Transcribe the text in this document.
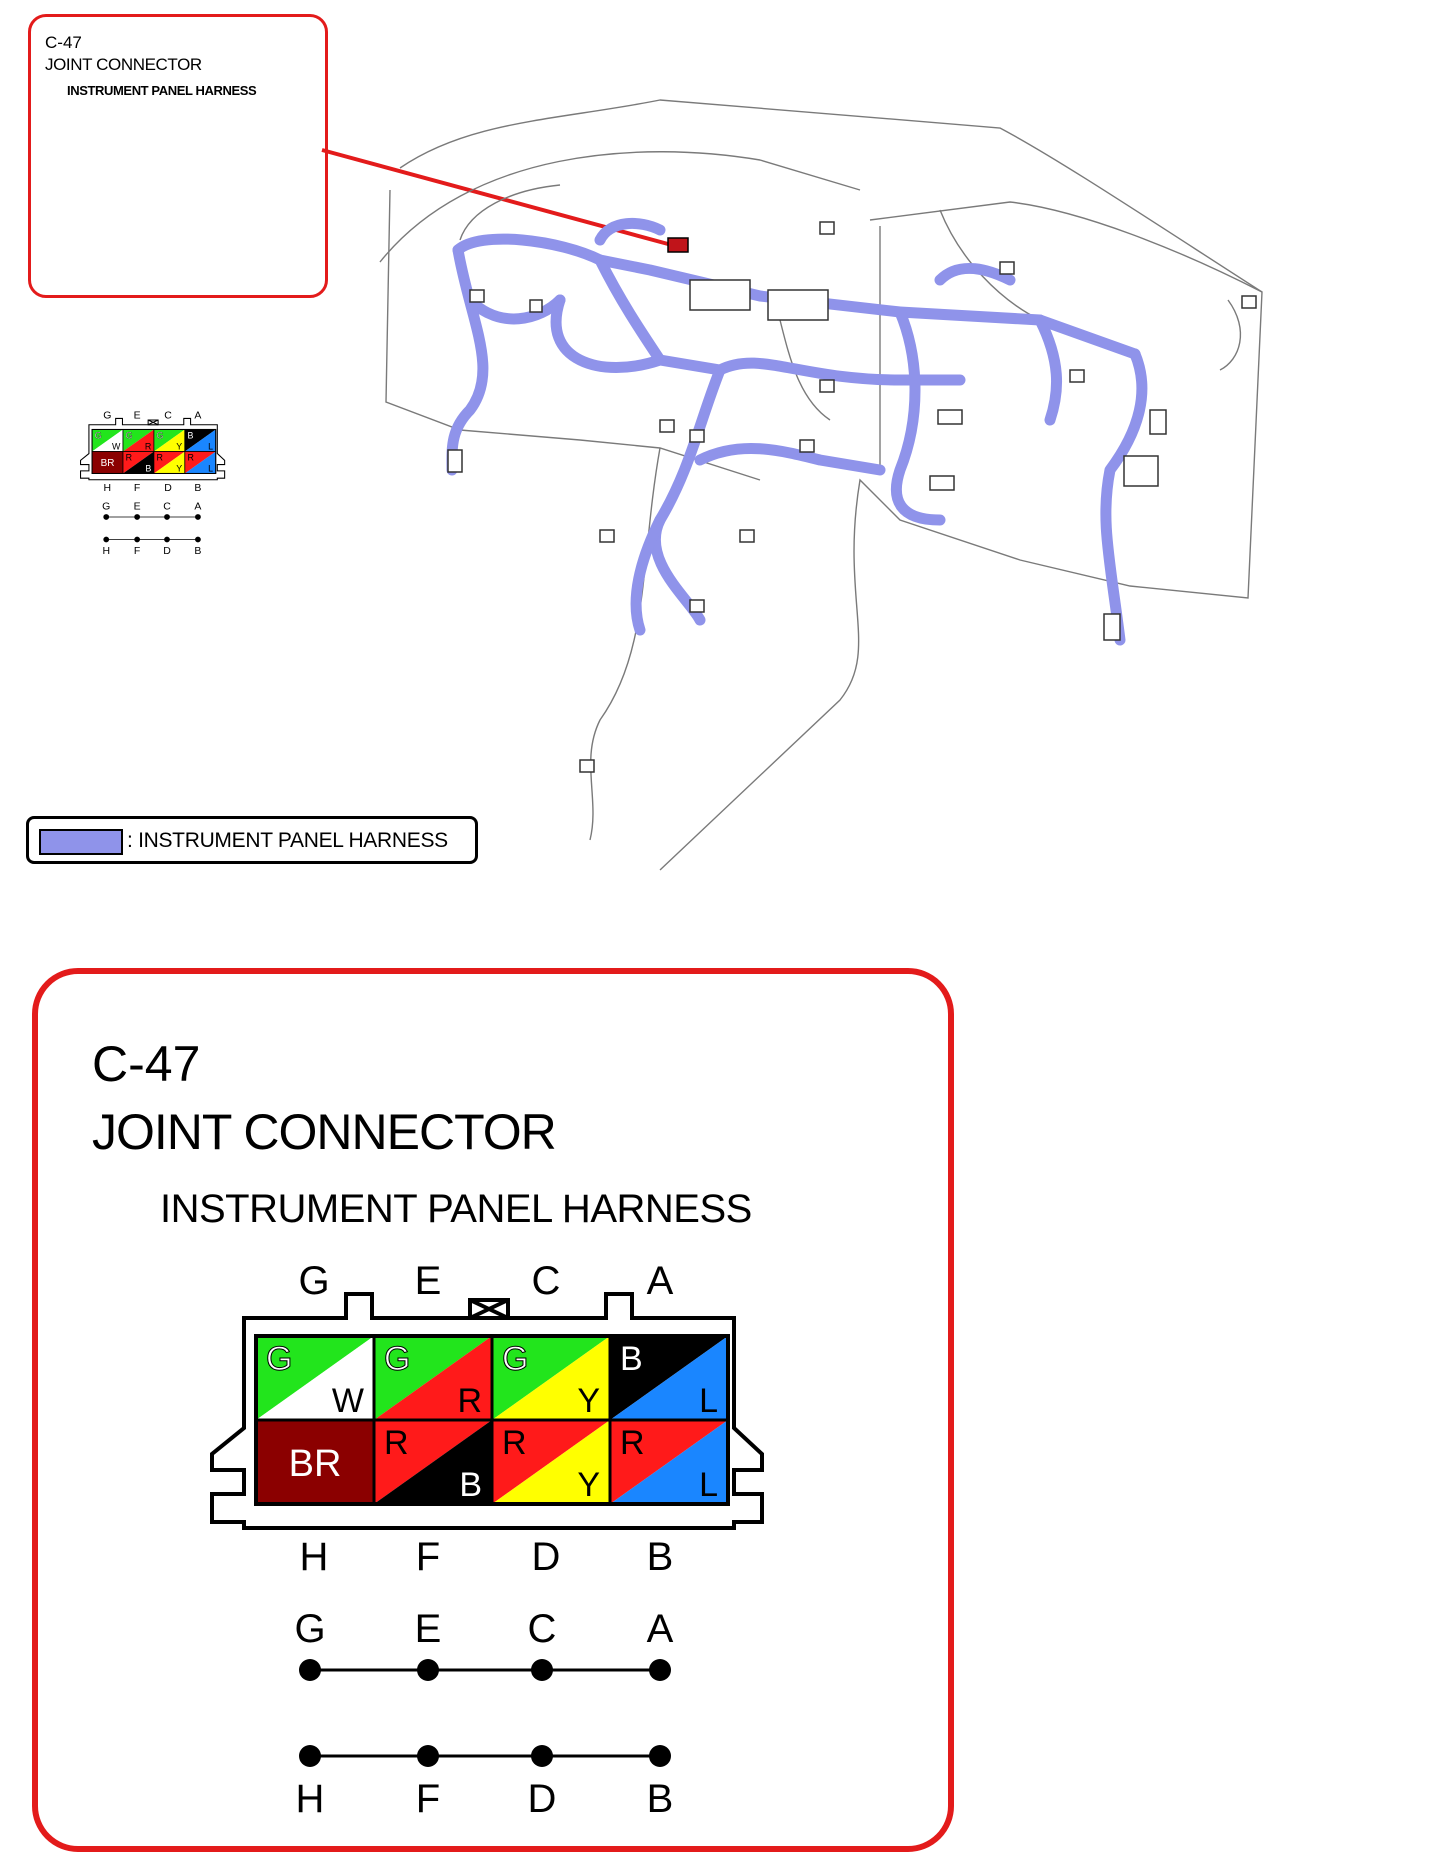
C-47
JOINT CONNECTOR
INSTRUMENT PANEL HARNESS
G
W
G
R
G
Y
B
L
BR
R
B
R
Y
R
L
G E C A
H F D B
G E C A
H F D B
: INSTRUMENT PANEL HARNESS
C-47
JOINT CONNECTOR
INSTRUMENT PANEL HARNESS
G
W
G
R
G
Y
B
L
BR R
B
R
Y
R
L
G E C A
H F D B
G E C A
H F D B
